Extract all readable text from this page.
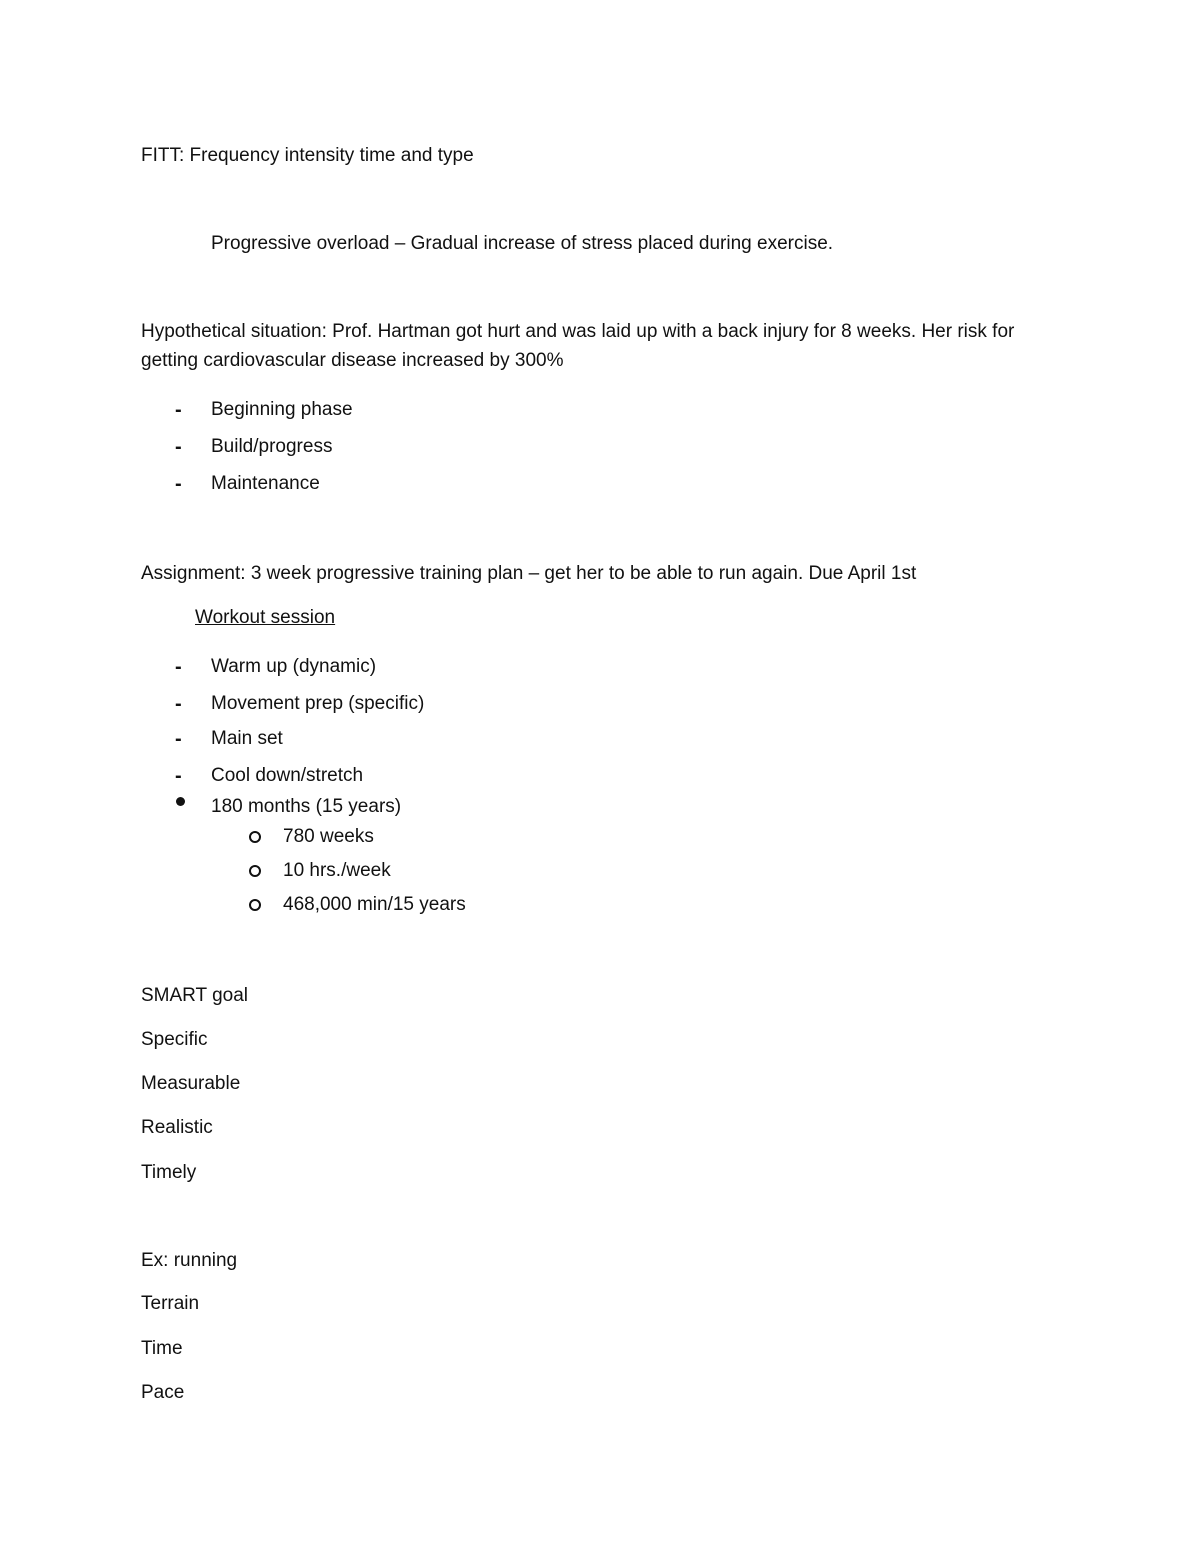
FITT: Frequency intensity time and type
Progressive overload – Gradual increase of stress placed during exercise.
Hypothetical situation: Prof. Hartman got hurt and was laid up with a back injury for 8 weeks. Her risk for
getting cardiovascular disease increased by 300%
- Beginning phase
- Build/progress
- Maintenance
Assignment: 3 week progressive training plan – get her to be able to run again. Due April 1st
Workout session
- Warm up (dynamic)
- Movement prep (specific)
- Main set
- Cool down/stretch
180 months (15 years)
780 weeks
10 hrs./week
468,000 min/15 years
SMART goal
Specific
Measurable
Realistic
Timely
Ex: running
Terrain
Time
Pace
